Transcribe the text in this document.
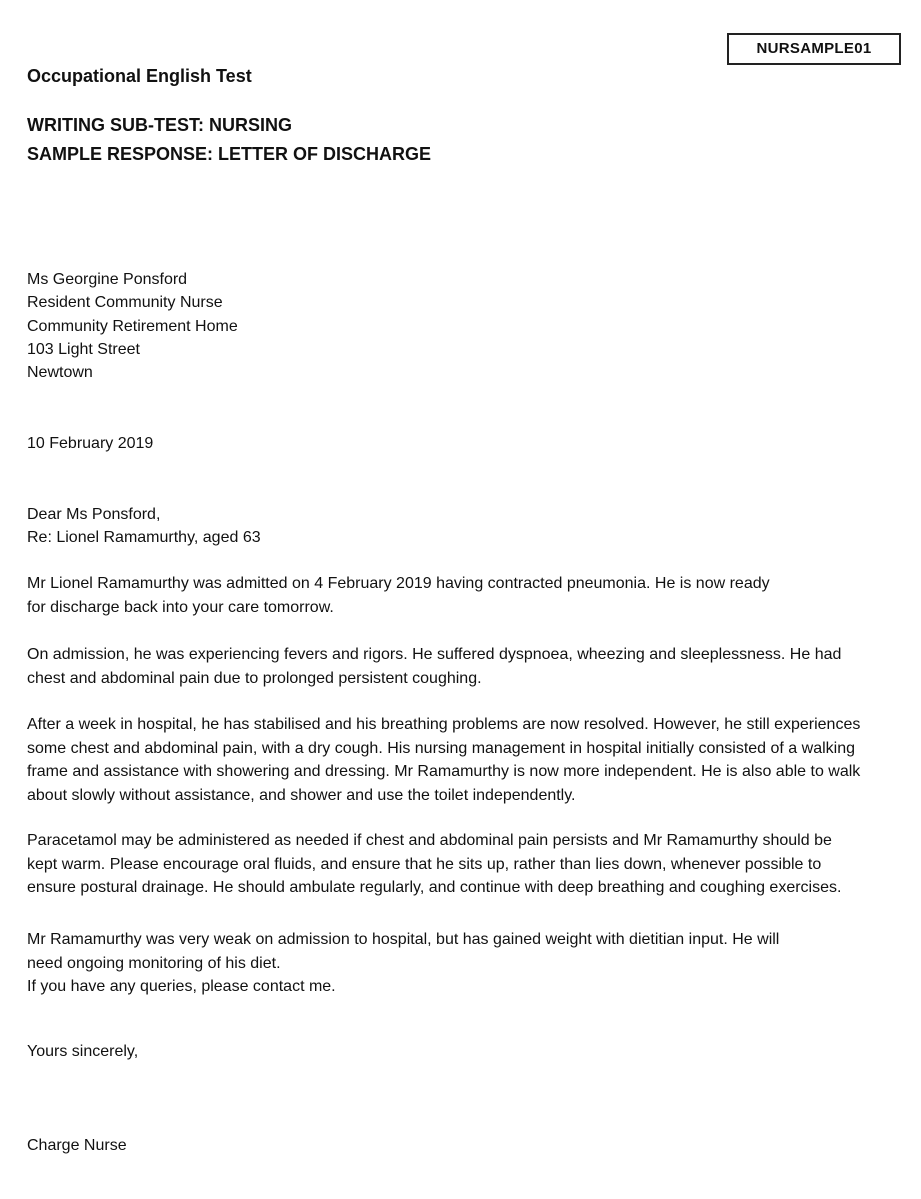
NURSAMPLE01
Occupational English Test
WRITING SUB-TEST: NURSING
SAMPLE RESPONSE: LETTER OF DISCHARGE
Ms Georgine Ponsford
Resident Community Nurse
Community Retirement Home
103 Light Street
Newtown
10 February 2019
Dear Ms Ponsford,
Re: Lionel Ramamurthy, aged 63
Mr Lionel Ramamurthy was admitted on 4 February 2019 having contracted pneumonia. He is now ready
for discharge back into your care tomorrow.
On admission, he was experiencing fevers and rigors. He suffered dyspnoea, wheezing and sleeplessness. He had
chest and abdominal pain due to prolonged persistent coughing.
After a week in hospital, he has stabilised and his breathing problems are now resolved. However, he still experiences
some chest and abdominal pain, with a dry cough. His nursing management in hospital initially consisted of a walking
frame and assistance with showering and dressing. Mr Ramamurthy is now more independent. He is also able to walk
about slowly without assistance, and shower and use the toilet independently.
Paracetamol may be administered as needed if chest and abdominal pain persists and Mr Ramamurthy should be
kept warm. Please encourage oral fluids, and ensure that he sits up, rather than lies down, whenever possible to
ensure postural drainage. He should ambulate regularly, and continue with deep breathing and coughing exercises.
Mr Ramamurthy was very weak on admission to hospital, but has gained weight with dietitian input. He will
need ongoing monitoring of his diet.
If you have any queries, please contact me.
Yours sincerely,
Charge Nurse
